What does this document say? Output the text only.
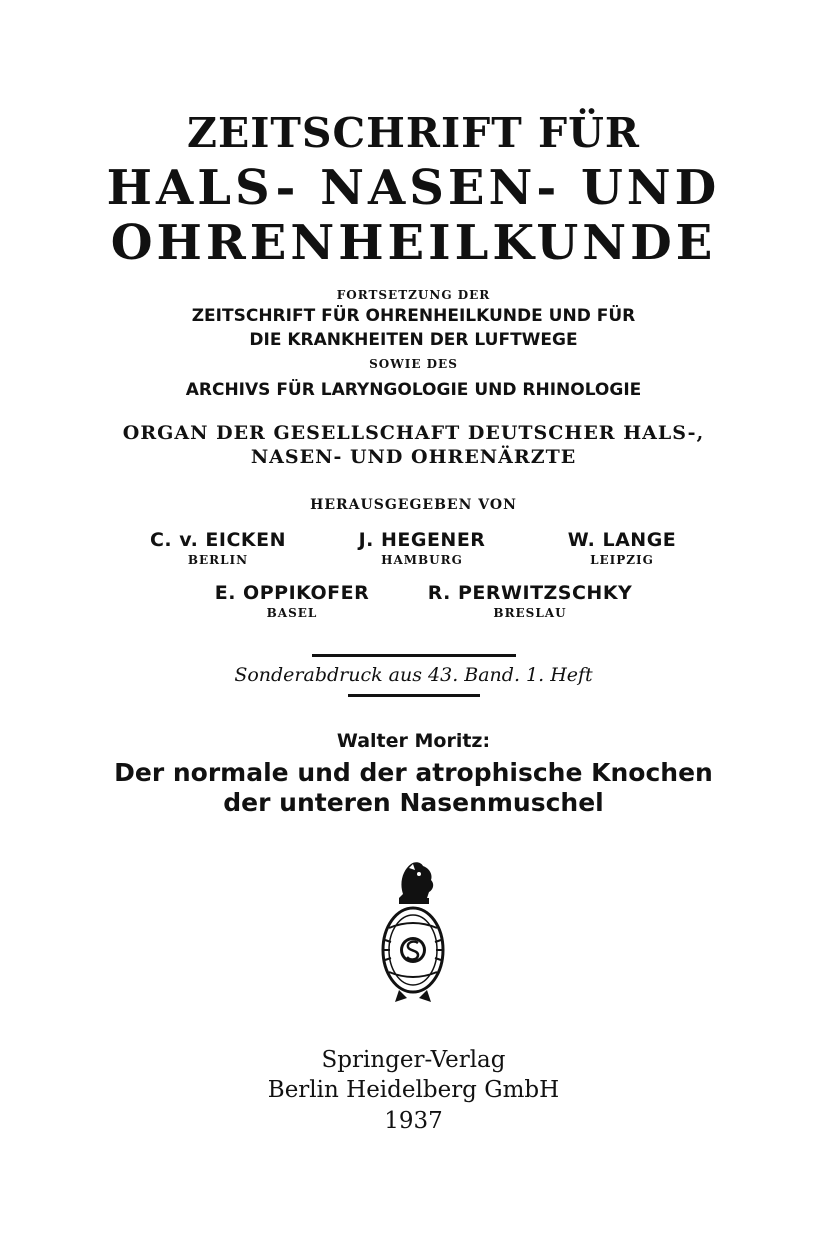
ZEITSCHRIFT FÜR
HALS- NASEN- UND
OHRENHEILKUNDE
FORTSETZUNG DER
ZEITSCHRIFT FÜR OHRENHEILKUNDE UND FÜR
DIE KRANKHEITEN DER LUFTWEGE
SOWIE DES
ARCHIVS FÜR LARYNGOLOGIE UND RHINOLOGIE
ORGAN DER GESELLSCHAFT DEUTSCHER HALS-,
NASEN- UND OHRENÄRZTE
HERAUSGEGEBEN VON
C. v. EICKEN
BERLIN
J. HEGENER
HAMBURG
W. LANGE
LEIPZIG
E. OPPIKOFER
BASEL
R. PERWITZSCHKY
BRESLAU
Sonderabdruck aus 43. Band. 1. Heft
Walter Moritz:
Der normale und der atrophische Knochen
der unteren Nasenmuschel
Springer-Verlag
Berlin Heidelberg GmbH
1937
